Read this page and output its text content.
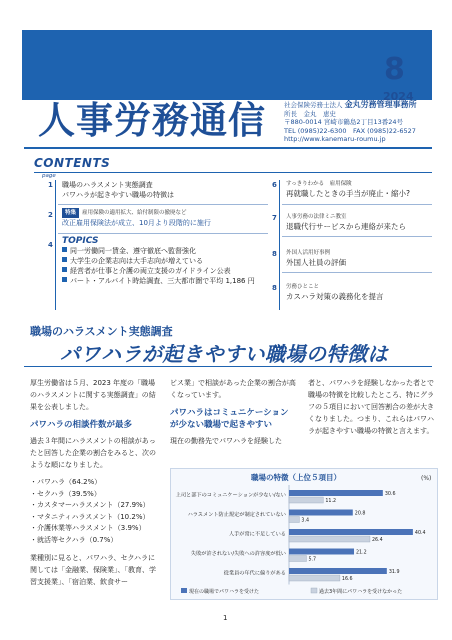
人事労務通信
8
2024
社会保険労務士法人 金丸労務管理事務所
所長　金丸　恵史
〒880-0014 宮崎市鶴島2丁目13番24号
TEL (0985)22-6300　FAX (0985)22-6527
http://www.kanemaru-roumu.jp
CONTENTS
page
1 職場のハラスメント実態調査
パワハラが起きやすい職場の特徴は
2	特集 雇用保険の適用拡大、給付制限の撤廃など
改正雇用保険法が成立、10月より段階的に施行
4 TOPICS
同一労働同一賃金、遵守徹底へ監督強化
大学生の企業志向は大手志向が増えている
経営者が仕事と介護の両立支援のガイドライン公表
パート・アルバイト時給調査、三大都市圏で平均 1,186 円
6 すっきりわかる　雇用保険
再就職したときの手当が廃止・縮小?
7 人事労務の法律ミニ教室
退職代行サービスから連絡が来たら
8 外国人活用好事例
外国人社員の評価
8 労務ひとこと
カスハラ対策の義務化を提言
職場のハラスメント実態調査
パワハラが起きやすい職場の特徴は

厚生労働省は５月、2023 年度の「職場のハラスメントに関する実態調査」の結果を公表しました。

パワハラの相談件数が最多

過去３年間にハラスメントの相談があったと回答した企業の割合をみると、次のような順になりました。

・パワハラ（64.2%）
・セクハラ（39.5%）
・カスタマーハラスメント（27.9%）
・マタニティハラスメント（10.2%）
・介護休業等ハラスメント（3.9%）
・就活等セクハラ（0.7%）

業種別に見ると、パワハラ、セクハラに関しては「金融業、保険業」、「教育、学習支援業」、「宿泊業、飲食サー

ビス業」で相談があった企業の割合が高くなっています。

パワハラはコミュニケーションが少ない職場で起きやすい

現在の勤務先でパワハラを経験した

者と、パワハラを経験しなかった者とで職場の特徴を比較したところ、特にグラフの５項目において回答割合の差が大きくなりました。つまり、これらはパワハラが起きやすい職場の特徴と言えます。

職場の特徴（上位５項目）	(%)
上司と部下のコミュニケーションが少ない/ない	30.6
11.2
ハラスメント防止規定が制定されていない	20.8
3.4
人手が常に不足している	40.4
26.4
失敗が許されない/失敗への許容度が低い	21.2
5.7
従業員の年代に偏りがある	31.9
16.6
現在の職場でパワハラを受けた	過去3年間にパワハラを受けなかった
1
